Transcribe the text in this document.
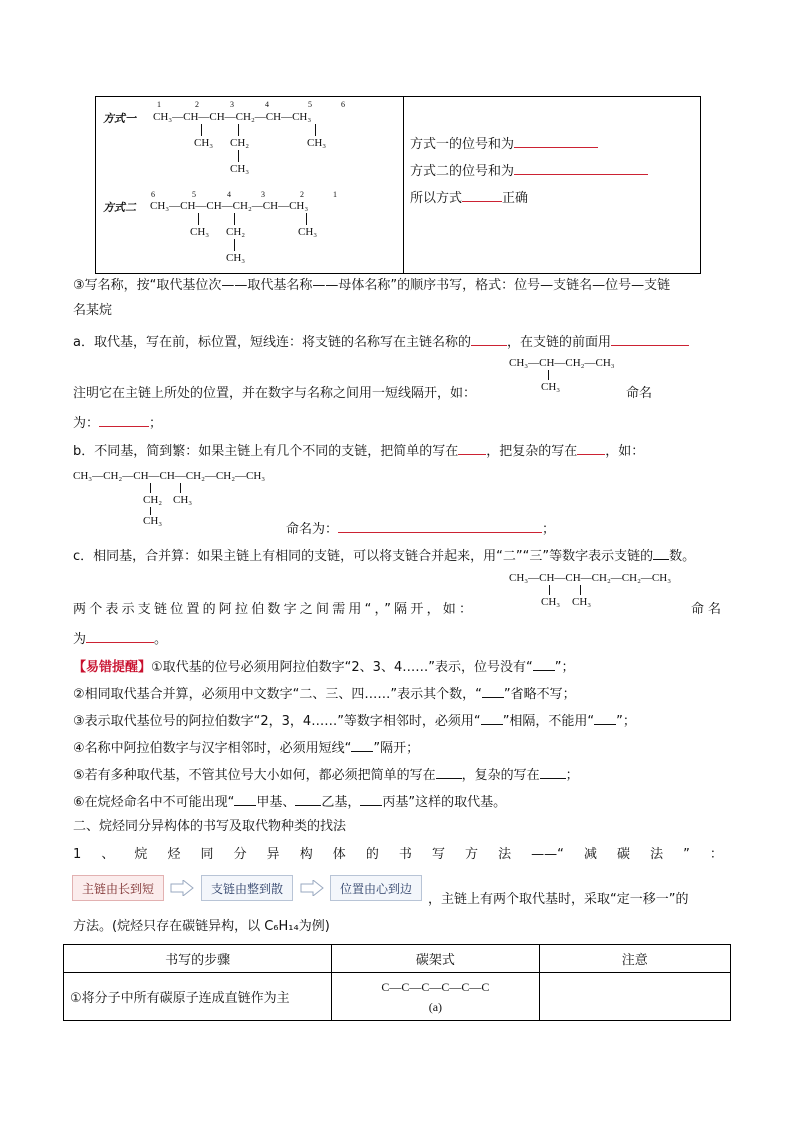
方式一 CH₃—CH—CH—CH₂—CH—CH₃
1	2	3	4	5	6
CH₃ CH₂
CH₃
CH₃
方式二 CH₃—CH—CH—CH₂—CH—CH₃
6	5	4	3	2	1
CH₃ CH₂
CH₃
CH₃
方式一的位号和为
方式二的位号和为
所以方式	正确
③写名称，按“取代基位次——取代基名称——母体名称”的顺序书写，格式：位号—支链名—位号—支链
名某烷
a．取代基，写在前，标位置，短线连：将支链的名称写在主链名称的	，在支链的前面用
CH₃—CH—CH₂—CH₃
CH₃
注明它在主链上所处的位置，并在数字与名称之间用一短线隔开，如：	命名
为：	；
b．不同基，简到繁：如果主链上有几个不同的支链，把简单的写在 ，把复杂的写在 ，如：
CH₃—CH₂—CH—CH—CH₂—CH₂—CH₃
CH₂
CH₃
CH₃
命名为：	；
c．相同基，合并算：如果主链上有相同的支链，可以将支链合并起来，用“二”“三”等数字表示支链的 数。
CH₃—CH—CH—CH₂—CH₂—CH₃
CH₃ CH₃
两个表示支链位置的阿拉伯数字之间需用“，”隔开，如：	命名
为	。
【易错提醒】①取代基的位号必须用阿拉伯数字“2、3、4……”表示，位号没有“ ”；
②相同取代基合并算，必须用中文数字“二、三、四……”表示其个数，“ ”省略不写；
③表示取代基位号的阿拉伯数字“2，3，4……”等数字相邻时，必须用“ ”相隔，不能用“ ”；
④名称中阿拉伯数字与汉字相邻时，必须用短线“ ”隔开；
⑤若有多种取代基，不管其位号大小如何，都必须把简单的写在 ，复杂的写在 ；
⑥在烷烃命名中不可能出现“ 甲基、 乙基， 丙基”这样的取代基。
二、烷烃同分异构体的书写及取代物种类的找法
1 、 烷 烃 同 分 异 构 体 的 书 写 方 法 ——“ 减 碳 法 ” ：
主链由长到短	支链由整到散	位置由心到边
，主链上有两个取代基时，采取“定一移一”的
方法。(烷烃只存在碳链异构，以 C₆H₁₄为例)
书写的步骤	碳架式	注意
①将分子中所有碳原子连成直链作为主	C—C—C—C—C—C
(a)	
